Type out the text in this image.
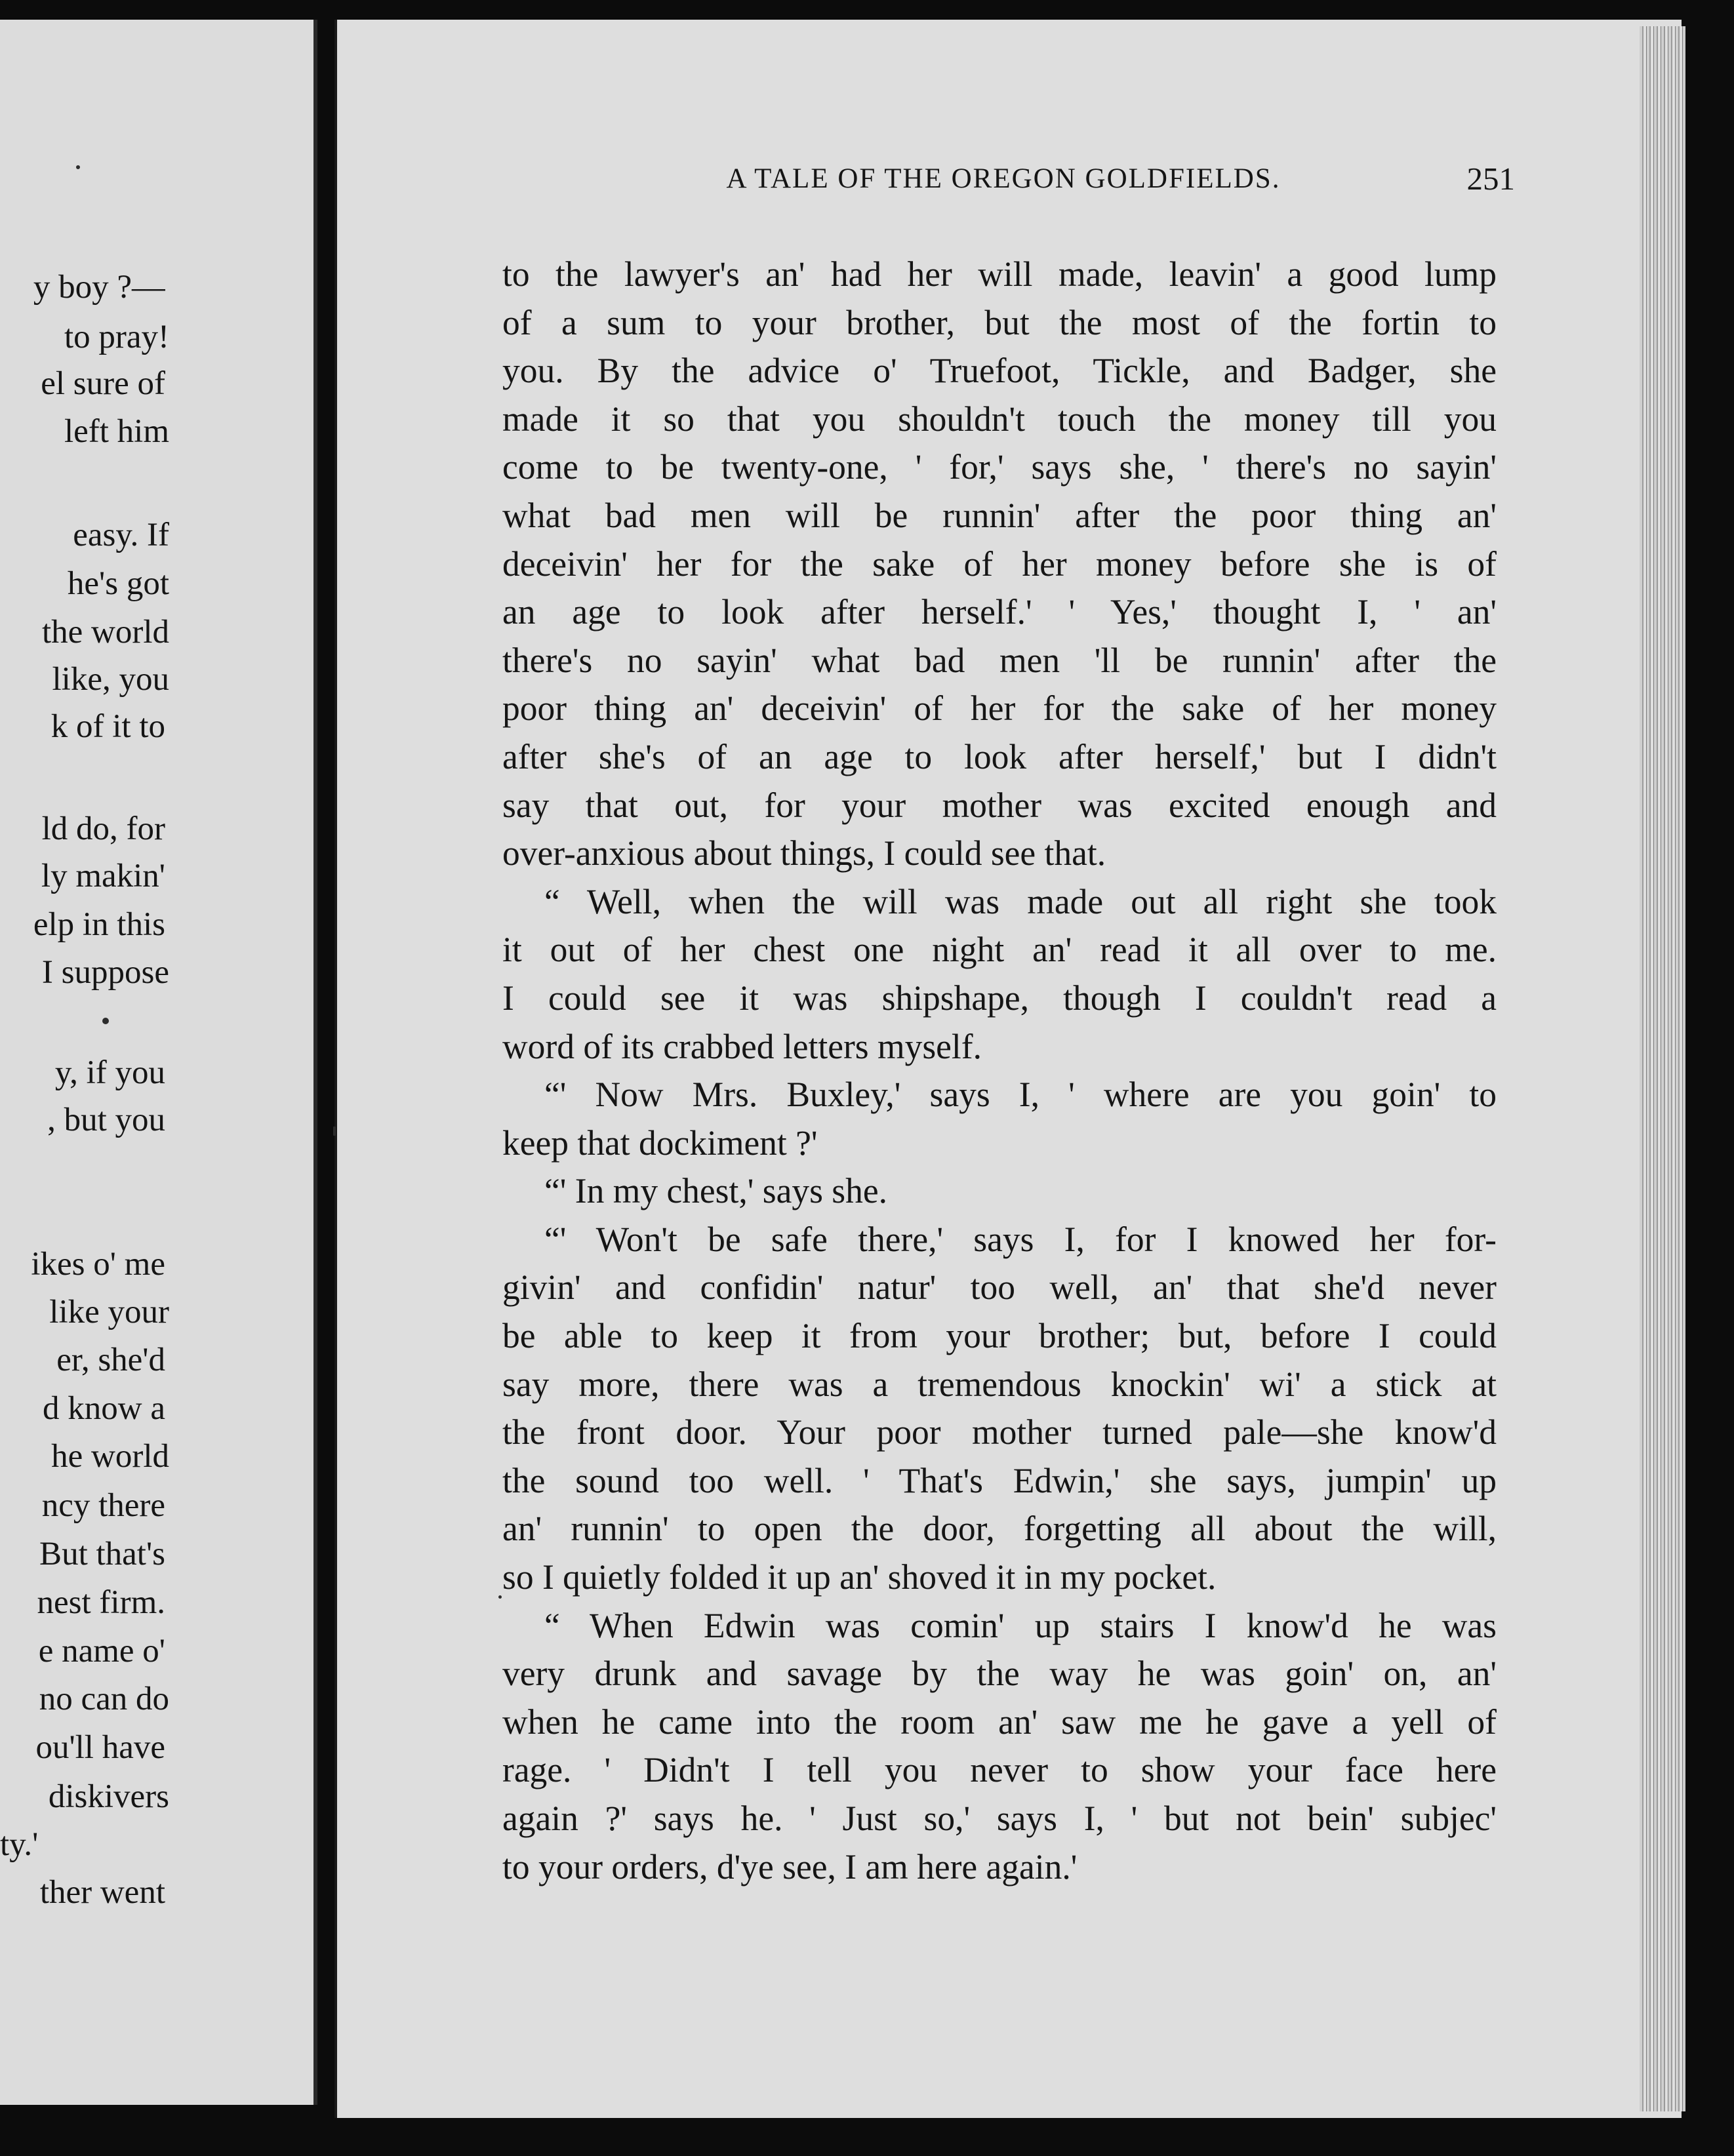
y boy ?—
to pray!
el sure of
left him
easy. If
he's got
the world
like, you
k of it to
ld do, for
ly makin'
elp in this
I suppose
y, if you
, but you
ikes o' me
like your
er, she'd
d know a
he world
ncy there
But that's
nest firm.
e name o'
no can do
ou'll have
diskivers
ty.'
ther went
A TALE OF THE OREGON GOLDFIELDS.	251
to the lawyer's an' had her will made, leavin' a good lump
of a sum to your brother, but the most of the fortin to
you. By the advice o' Truefoot, Tickle, and Badger, she
made it so that you shouldn't touch the money till you
come to be twenty-one, ' for,' says she, ' there's no sayin'
what bad men will be runnin' after the poor thing an'
deceivin' her for the sake of her money before she is of
an age to look after herself.' ' Yes,' thought I, ' an'
there's no sayin' what bad men 'll be runnin' after the
poor thing an' deceivin' of her for the sake of her money
after she's of an age to look after herself,' but I didn't
say that out, for your mother was excited enough and
over-anxious about things, I could see that.
“ Well, when the will was made out all right she took
it out of her chest one night an' read it all over to me.
I could see it was shipshape, though I couldn't read a
word of its crabbed letters myself.
“' Now Mrs. Buxley,' says I, ' where are you goin' to
keep that dockiment ?'
“' In my chest,' says she.
“' Won't be safe there,' says I, for I knowed her for-
givin' and confidin' natur' too well, an' that she'd never
be able to keep it from your brother; but, before I could
say more, there was a tremendous knockin' wi' a stick at
the front door. Your poor mother turned pale—she know'd
the sound too well. ' That's Edwin,' she says, jumpin' up
an' runnin' to open the door, forgetting all about the will,
so I quietly folded it up an' shoved it in my pocket.
“ When Edwin was comin' up stairs I know'd he was
very drunk and savage by the way he was goin' on, an'
when he came into the room an' saw me he gave a yell of
rage. ' Didn't I tell you never to show your face here
again ?' says he. ' Just so,' says I, ' but not bein' subjec'
to your orders, d'ye see, I am here again.'
